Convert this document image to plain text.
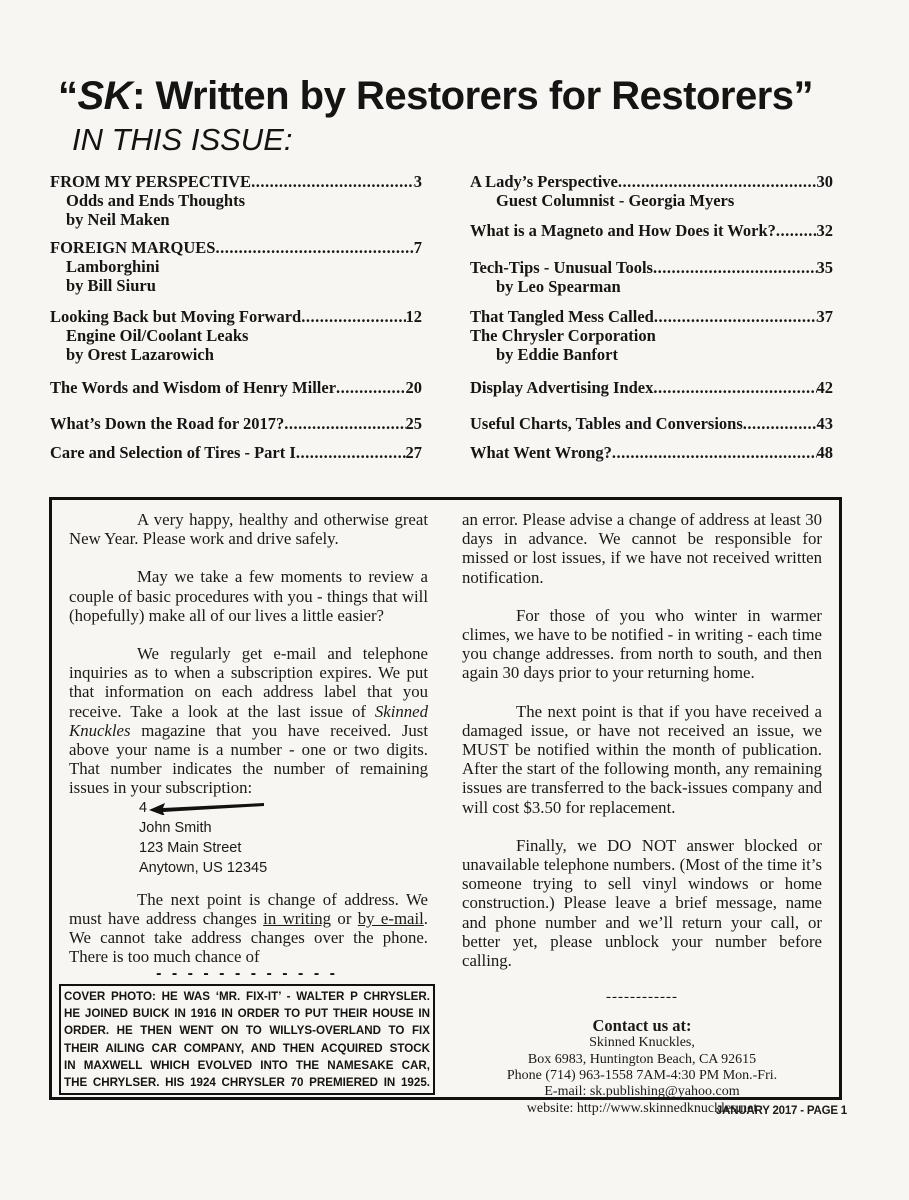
“SK: Written by Restorers for Restorers”
IN THIS ISSUE:
FROM MY PERSPECTIVE .....	3
Odds and Ends Thoughts
by Neil Maken
FOREIGN MARQUES .....	7
Lamborghini
by Bill Siuru
Looking Back but Moving Forward .....	12
Engine Oil/Coolant Leaks
by Orest Lazarowich
The Words and Wisdom of Henry Miller .....	20
What’s Down the Road for 2017? .....	25
Care and Selection of Tires - Part I .....	27
A Lady’s Perspective .....	30
Guest Columnist - Georgia Myers
What is a Magneto and How Does it Work? ..... 32
Tech-Tips - Unusual Tools .....	35
by Leo Spearman
That Tangled Mess Called .....	37
The Chrysler Corporation
by Eddie Banfort
Display Advertising Index .....	42
Useful Charts, Tables and Conversions .....	43
What Went Wrong? .....	48

A very happy, healthy and otherwise great New Year. Please work and drive safely.

May we take a few moments to review a couple of basic procedures with you - things that will (hopefully) make all of our lives a little easier?

We regularly get e-mail and telephone inquiries as to when a subscription expires. We put that information on each address label that you receive. Take a look at the last issue of Skinned Knuckles magazine that you have received. Just above your name is a number - one or two digits. That number indicates the number of remaining issues in your subscription:

4
John Smith
123 Main Street
Anytown, US 12345

The next point is change of address. We must have address changes in writing or by e-mail. We cannot take address changes over the phone. There is too much chance of

an error. Please advise a change of address at least 30 days in advance. We cannot be responsible for missed or lost issues, if we have not received written notification.

For those of you who winter in warmer climes, we have to be notified - in writing - each time you change addresses. from north to south, and then again 30 days prior to your returning home.

The next point is that if you have received a damaged issue, or have not received an issue, we MUST be notified within the month of publication. After the start of the following month, any remaining issues are transferred to the back-issues company and will cost $3.50 for replacement.

Finally, we DO NOT answer blocked or unavailable telephone numbers. (Most of the time it’s someone trying to sell vinyl windows or home construction.) Please leave a brief message, name and phone number and we’ll return your call, or better yet, please unblock your number before calling.

------------
Contact us at:
Skinned Knuckles,
Box 6983, Huntington Beach, CA 92615
Phone (714) 963-1558 7AM-4:30 PM Mon.-Fri.
E-mail: sk.publishing@yahoo.com
website: http://www.skinnedknuckles.net
- - - - - - - - - - - -
COVER PHOTO: HE WAS ‘MR. FIX-IT’ - WALTER P CHRYSLER.
HE JOINED BUICK IN 1916 IN ORDER TO PUT THEIR HOUSE IN
ORDER. HE THEN WENT ON TO WILLYS-OVERLAND TO FIX
THEIR AILING CAR COMPANY, AND THEN ACQUIRED STOCK
IN MAXWELL WHICH EVOLVED INTO THE NAMESAKE CAR,
THE CHRYLSER. HIS 1924 CHRYSLER 70 PREMIERED IN 1925.
JANUARY 2017 - PAGE 1
